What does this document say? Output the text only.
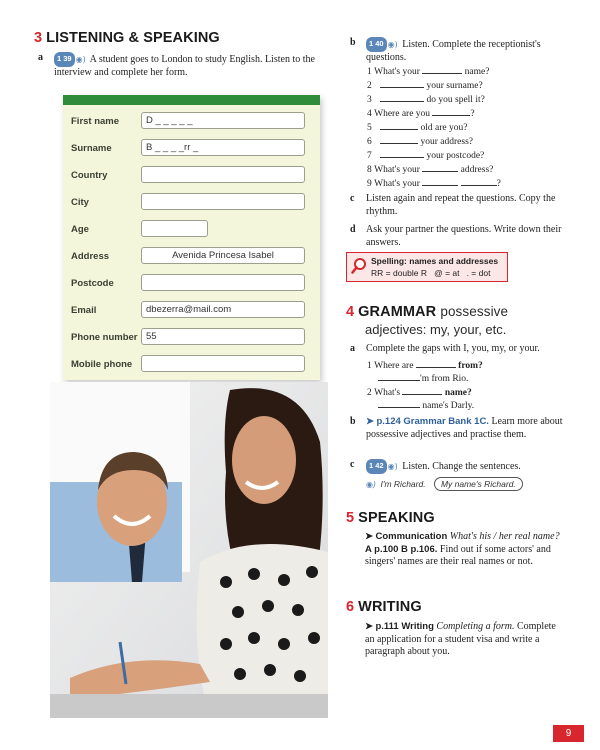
3 LISTENING & SPEAKING
a	1 39 ◉) A student goes to London to study English. Listen to the interview and complete her form.
First name	D _ _ _ _ _
Surname	B _ _ _ _rr _
Country
City
Age
Address	Avenida Princesa Isabel
Postcode
Email	dbezerra@mail.com
Phone number 55
Mobile phone
b	1 40 ◉) Listen. Complete the receptionist's questions.
1 What's your	name?
2	your surname?
3	do you spell it?
4 Where are you	?
5	old are you?
6	your address?
7	your postcode?
8 What's your	address?
9 What's your	?
c	Listen again and repeat the questions. Copy the rhythm.
d	Ask your partner the questions. Write down their answers.
Spelling: names and addresses
RR = double R   @ = at   . = dot
4 GRAMMAR possessive
adjectives: my, your, etc.
a	Complete the gaps with I, you, my, or your.
1 Where are	from?
'm from Rio.
2 What's	name?
name's Darly.
b	➤ p.124 Grammar Bank 1C. Learn more about possessive adjectives and practise them.
c	1 42 ◉) Listen. Change the sentences.
◉) I'm Richard. My name's Richard.
5 SPEAKING
➤ Communication What's his / her real name? A p.100 B p.106. Find out if some actors' and singers' names are their real names or not.
6 WRITING
➤ p.111 Writing Completing a form. Complete an application for a student visa and write a paragraph about you.
9
